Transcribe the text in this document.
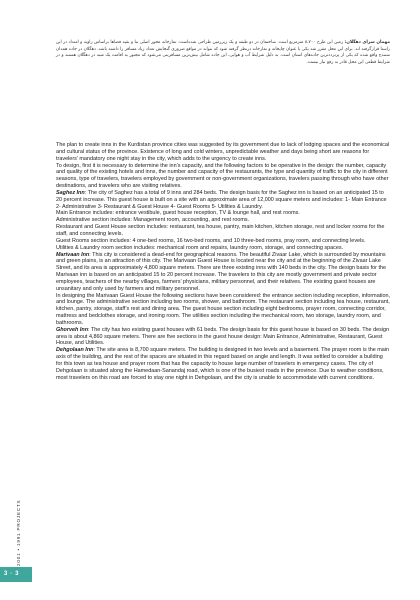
مهمان سرای دهگلان: زمین این طرح ۸،۷۰۰ مترمربع است. ساختمان در دو طبقه و یک زیرزمین طراحی شده‌است. تمازخانه محور اصلی بنا و بقیه فضاها براساس زاویه و امتداد در این راستا قرارگرفته اند. برای این محل مقرر شد یکی با عنوان چاپخانه و نمازخانه درنظر گرفته شود که بتواند در مواقع ضروری گنجایش تعداد زیاد مسافر را داشته باشد. دهگلان در جاده همدان سنندج واقع شده که یکی از پرترددترین جاده‌های استان است. به دلیل شرایط آب و هوایی، این جاده شامل بیش‌ترین مسافرینی می‌شود که مجبور به اقامت یک شبه در دهگلان هستند و در شرایط قطعی این محل قادر به رفع نیاز نیست.

The plan to create inns in the Kurdistan province cities was suggested by its government due to lack of lodging spaces and the economical and cultural status of the province. Existence of long and cold winters, unpredictable weather and days being short are reasons for travelers’ mandatory one night stay in the city, which adds to the urgency to create inns.

To design, first it is necessary to determine the inn’s capacity, and the following factors to be operative in the design: the number, capacity and quality of the existing hotels and inns, the number and capacity of the restaurants, the type and quantity of traffic to the city in different seasons, type of travelers, travelers employed by government or non-government organizations, travelers passing through who have other destinations, and travelers who are visiting relatives.

Saghez Inn: The city of Saghez has a total of 9 inns and 284 beds. The design basis for the Saghez inn is based on an anticipated 15 to 20 percent increase. This guest house is built on a site with an approximate area of 12,000 square meters and includes: 1- Main Entrance 2- Administrative 3- Restaurant & Guest House 4- Guest Rooms 5- Utilities & Laundry.

Main Entrance includes: entrance vestibule, guest house reception, TV & lounge hall, and rest rooms.

Administrative section includes: Management room, accounting, and rest rooms.

Restaurant and Guest House section includes: restaurant, tea house, pantry, main kitchen, kitchen storage, rest and locker rooms for the staff, and connecting levels.

Guest Rooms section includes: 4 one-bed rooms, 16 two-bed rooms, and 10 three-bed rooms, pray room, and connecting levels.

Utilities & Laundry room section includes: mechanical room and repairs, laundry room, storage, and connecting spaces.

Marivaan Inn: This city is considered a dead-end for geographical reasons. The beautiful Zivaar Lake, which is surrounded by mountains and green plains, is an attraction of this city. The Marivaan Guest House is located near the city and at the beginning of the Zivaar Lake Street, and its area is approximately 4,800 square meters. There are three existing inns with 140 beds in the city. The design basis for the Marivaan inn is based on an anticipated 15 to 20 percent increase. The travelers to this city are mostly government and private sector employees, teachers of the nearby villages, farmers’ physicians, military personnel, and their relatives. The existing guest houses are unsanitary and only used by farmers and military personnel.

In designing the Marivaan Guest House the following sections have been considered: the entrance section including reception, information, and lounge. The administrative section including two rooms, shower, and bathroom. The restaurant section including tea house, restaurant, kitchen, pantry, storage, staff’s rest and dining area. The guest house section including eight bedrooms, prayer room, connecting corridor, mattress and bedclothes storage, and ironing room. The utilities section including the mechanical room, two storage, laundry room, and bathrooms.

Ghorveh Inn: The city has two existing guest houses with 61 beds. The design basis for this guest house is based on 30 beds. The design area is about 4,860 square meters. There are five sections in the guest house design: Main Entrance, Administrative, Restaurant, Guest House, and Utilities.

Dehgolaan Inn: The site area is 8,700 square meters. The building is designed in two levels and a basement. The prayer room is the main axis of the building, and the rest of the spaces are situated in this regard based on angle and length. It was settled to consider a building for this town as tea house and prayer room that has the capacity to house large number of travelers in emergency cases. The city of Dehgolaan is situated along the Hamedaan-Sanandaj road, which is one of the busiest roads in the province. Due to weather conditions, most travelers on this road are forced to stay one night in Dehgolaan, and the city is unable to accommodate with current conditions.

2001 • 1991 PROJECTS
3 · 3
